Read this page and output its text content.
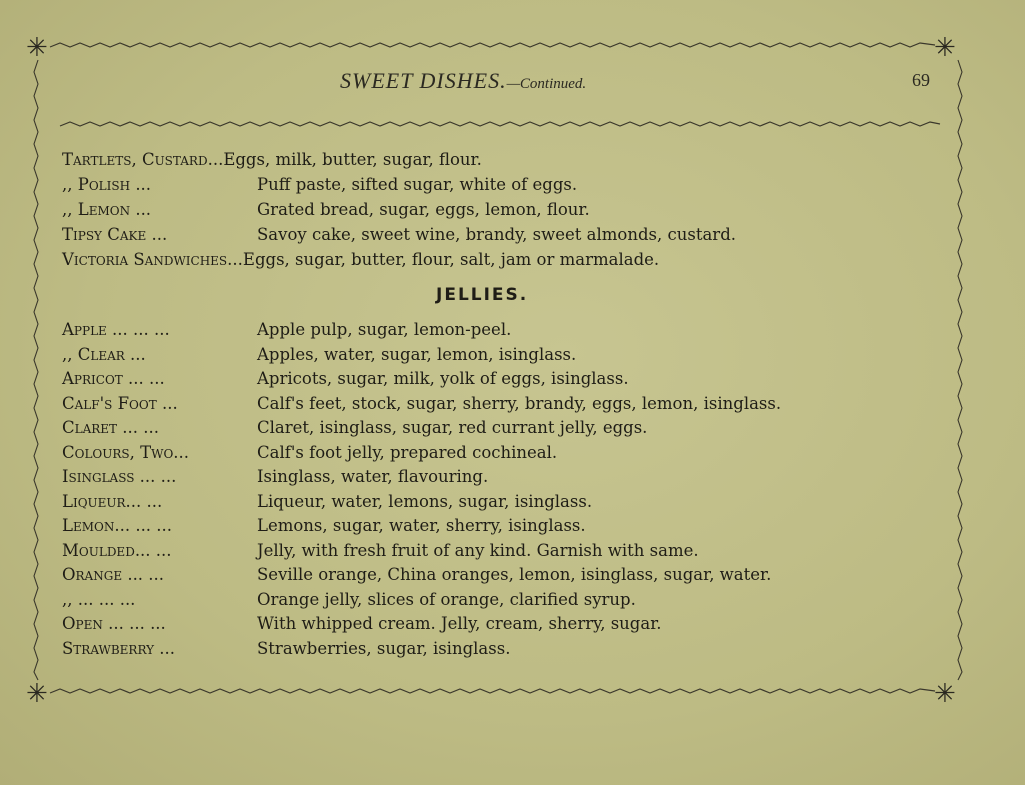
✳	✳
✳	✳
SWEET DISHES.—Continued.	69
Tartlets, Custard...Eggs, milk, butter, sugar, flour.
,, Polish ...	Puff paste, sifted sugar, white of eggs.
,, Lemon ...	Grated bread, sugar, eggs, lemon, flour.
Tipsy Cake ...	Savoy cake, sweet wine, brandy, sweet almonds, custard.
Victoria Sandwiches...Eggs, sugar, butter, flour, salt, jam or marmalade.
JELLIES.
Apple ... ... ...	Apple pulp, sugar, lemon-peel.
,, Clear ...	Apples, water, sugar, lemon, isinglass.
Apricot ... ...	Apricots, sugar, milk, yolk of eggs, isinglass.
Calf's Foot ...	Calf's feet, stock, sugar, sherry, brandy, eggs, lemon, isinglass.
Claret ... ...	Claret, isinglass, sugar, red currant jelly, eggs.
Colours, Two...	Calf's foot jelly, prepared cochineal.
Isinglass ... ...	Isinglass, water, flavouring.
Liqueur... ...	Liqueur, water, lemons, sugar, isinglass.
Lemon... ... ...	Lemons, sugar, water, sherry, isinglass.
Moulded... ...	Jelly, with fresh fruit of any kind. Garnish with same.
Orange ... ...	Seville orange, China oranges, lemon, isinglass, sugar, water.
,, ... ... ...	Orange jelly, slices of orange, clarified syrup.
Open ... ... ...	With whipped cream. Jelly, cream, sherry, sugar.
Strawberry ...	Strawberries, sugar, isinglass.
